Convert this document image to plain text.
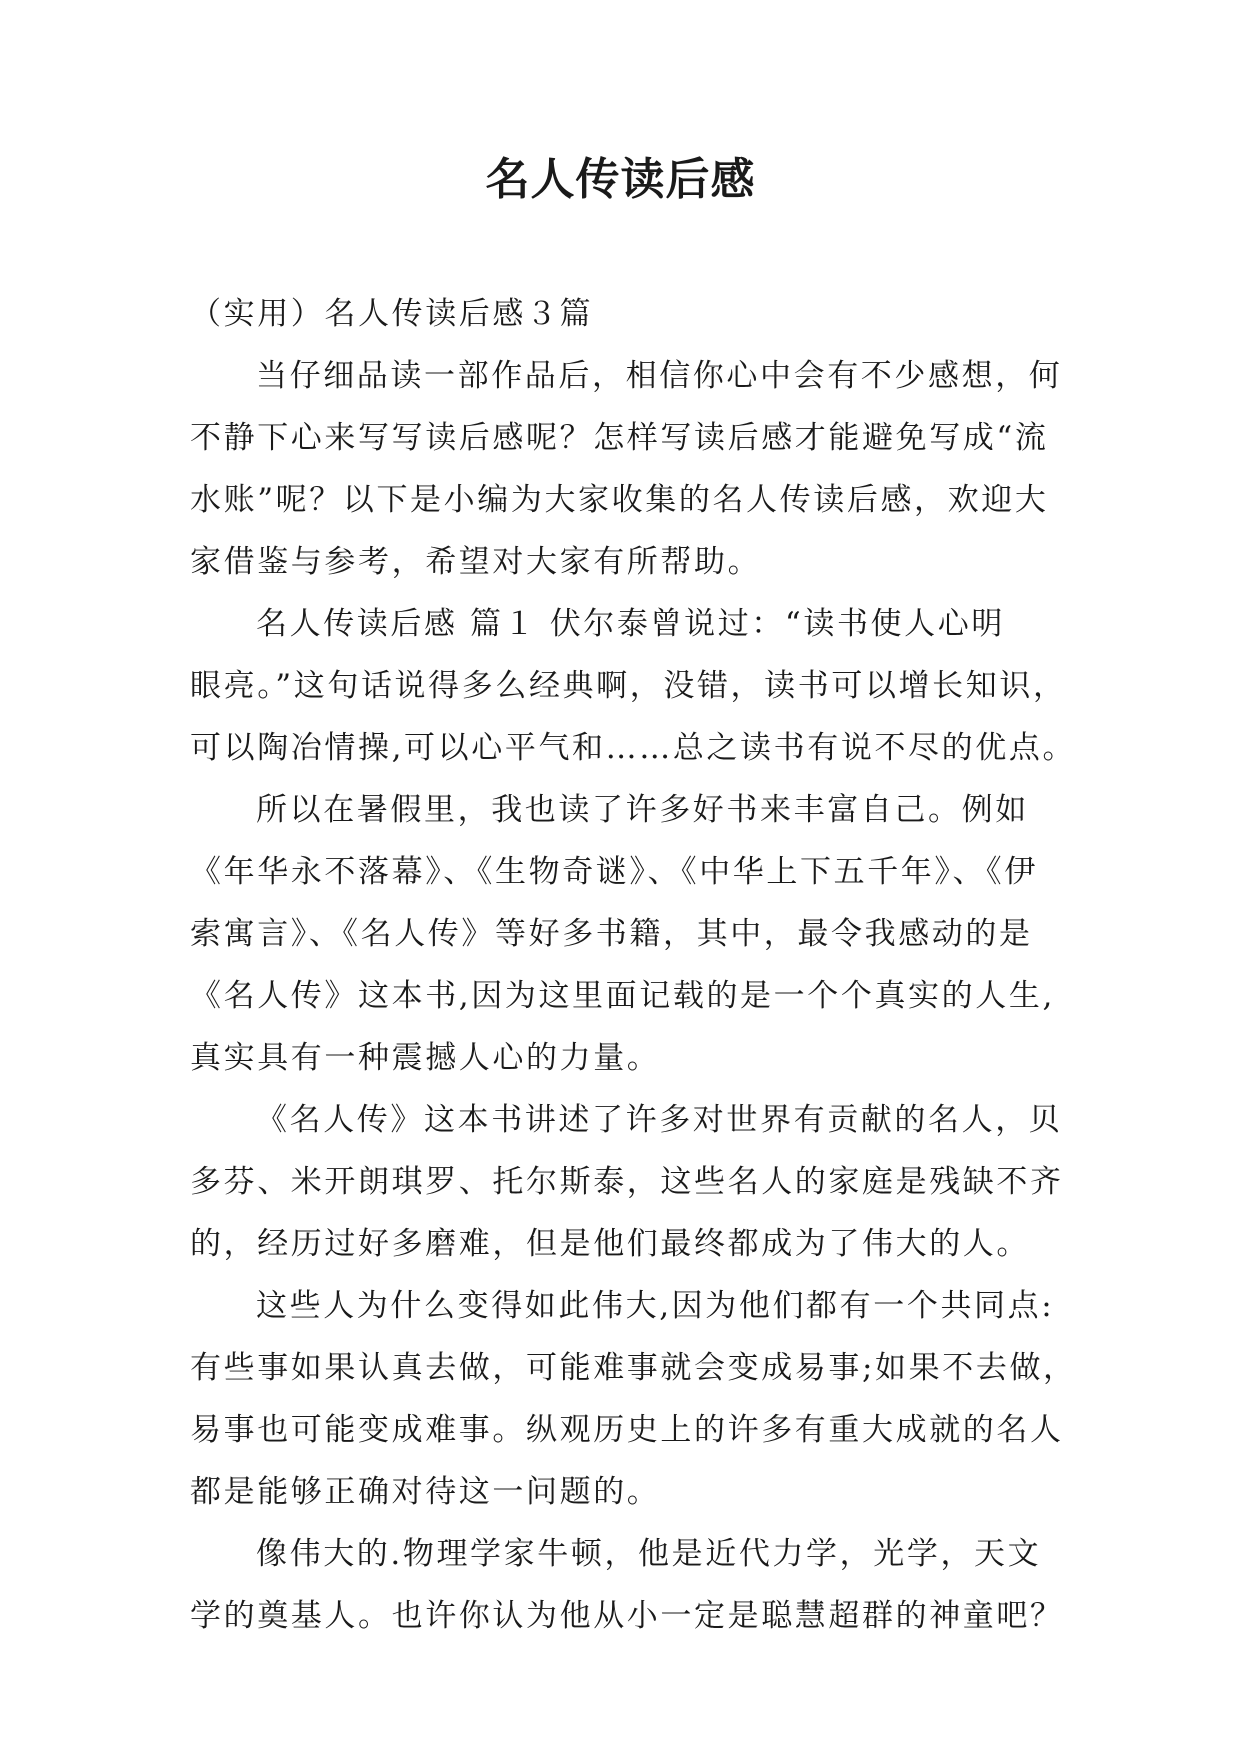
名人传读后感
（实用）名人传读后感３篇
当仔细品读一部作品后，相信你心中会有不少感想，何
不静下心来写写读后感呢？怎样写读后感才能避免写成“流
水账”呢？以下是小编为大家收集的名人传读后感，欢迎大
家借鉴与参考，希望对大家有所帮助。
名人传读后感 篇１ 伏尔泰曾说过：“读书使人心明
眼亮。”这句话说得多么经典啊，没错，读书可以增长知识，
可以陶冶情操,可以心平气和……总之读书有说不尽的优点。
所以在暑假里，我也读了许多好书来丰富自己。例如
《年华永不落幕》、《生物奇谜》、《中华上下五千年》、《伊
索寓言》、《名人传》等好多书籍，其中，最令我感动的是
《名人传》这本书,因为这里面记载的是一个个真实的人生,
真实具有一种震撼人心的力量。
《名人传》这本书讲述了许多对世界有贡献的名人，贝
多芬、米开朗琪罗、托尔斯泰，这些名人的家庭是残缺不齐
的，经历过好多磨难，但是他们最终都成为了伟大的人。
这些人为什么变得如此伟大,因为他们都有一个共同点:
有些事如果认真去做，可能难事就会变成易事;如果不去做，
易事也可能变成难事。纵观历史上的许多有重大成就的名人
都是能够正确对待这一问题的。
像伟大的.物理学家牛顿，他是近代力学，光学，天文
学的奠基人。也许你认为他从小一定是聪慧超群的神童吧？
